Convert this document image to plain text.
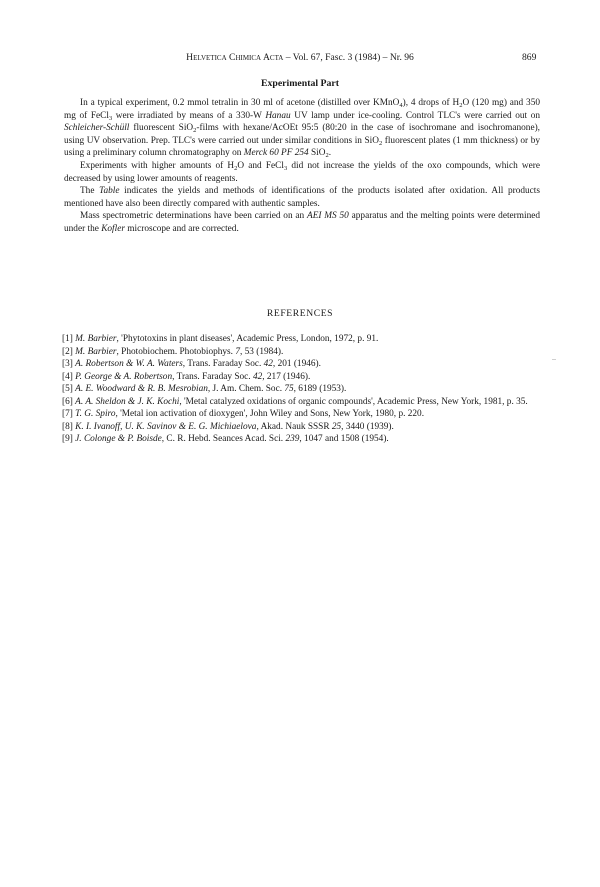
Helvetica Chimica Acta – Vol. 67, Fasc. 3 (1984) – Nr. 96	869
Experimental Part

In a typical experiment, 0.2 mmol tetralin in 30 ml of acetone (distilled over KMnO$_4$), 4 drops of $H_2O$ (120 mg) and 350 mg of FeCl$_3$ were irradiated by means of a 330-W Hanau UV lamp under ice-cooling. Control TLC's were carried out on Schleicher-Schüll fluorescent SiO$_2$-films with hexane/AcOEt 95:5 (80:20 in the case of isochromane and isochromanone), using UV observation. Prep. TLC's were carried out under similar conditions in SiO$_2$ fluorescent plates (1 mm thickness) or by using a preliminary column chromatography on Merck 60 PF 254 SiO$_2$.

Experiments with higher amounts of $H_2O$ and FeCl$_3$ did not increase the yields of the oxo compounds, which were decreased by using lower amounts of reagents.

The Table indicates the yields and methods of identifications of the products isolated after oxidation. All products mentioned have also been directly compared with authentic samples.

Mass spectrometric determinations have been carried on an AEI MS 50 apparatus and the melting points were determined under the Kofler microscope and are corrected.

REFERENCES
[1] M. Barbier, 'Phytotoxins in plant diseases', Academic Press, London, 1972, p. 91.
[2] M. Barbier, Photobiochem. Photobiophys. 7, 53 (1984).
[3] A. Robertson & W. A. Waters, Trans. Faraday Soc. 42, 201 (1946).
[4] P. George & A. Robertson, Trans. Faraday Soc. 42, 217 (1946).
[5] A. E. Woodward & R. B. Mesrobian, J. Am. Chem. Soc. 75, 6189 (1953).
[6] A. A. Sheldon & J. K. Kochi, 'Metal catalyzed oxidations of organic compounds', Academic Press, New York, 1981, p. 35.
[7] T. G. Spiro, 'Metal ion activation of dioxygen', John Wiley and Sons, New York, 1980, p. 220.
[8] K. I. Ivanoff, U. K. Savinov & E. G. Michiaelova, Akad. Nauk SSSR 25, 3440 (1939).
[9] J. Colonge & P. Boisde, C. R. Hebd. Seances Acad. Sci. 239, 1047 and 1508 (1954).
